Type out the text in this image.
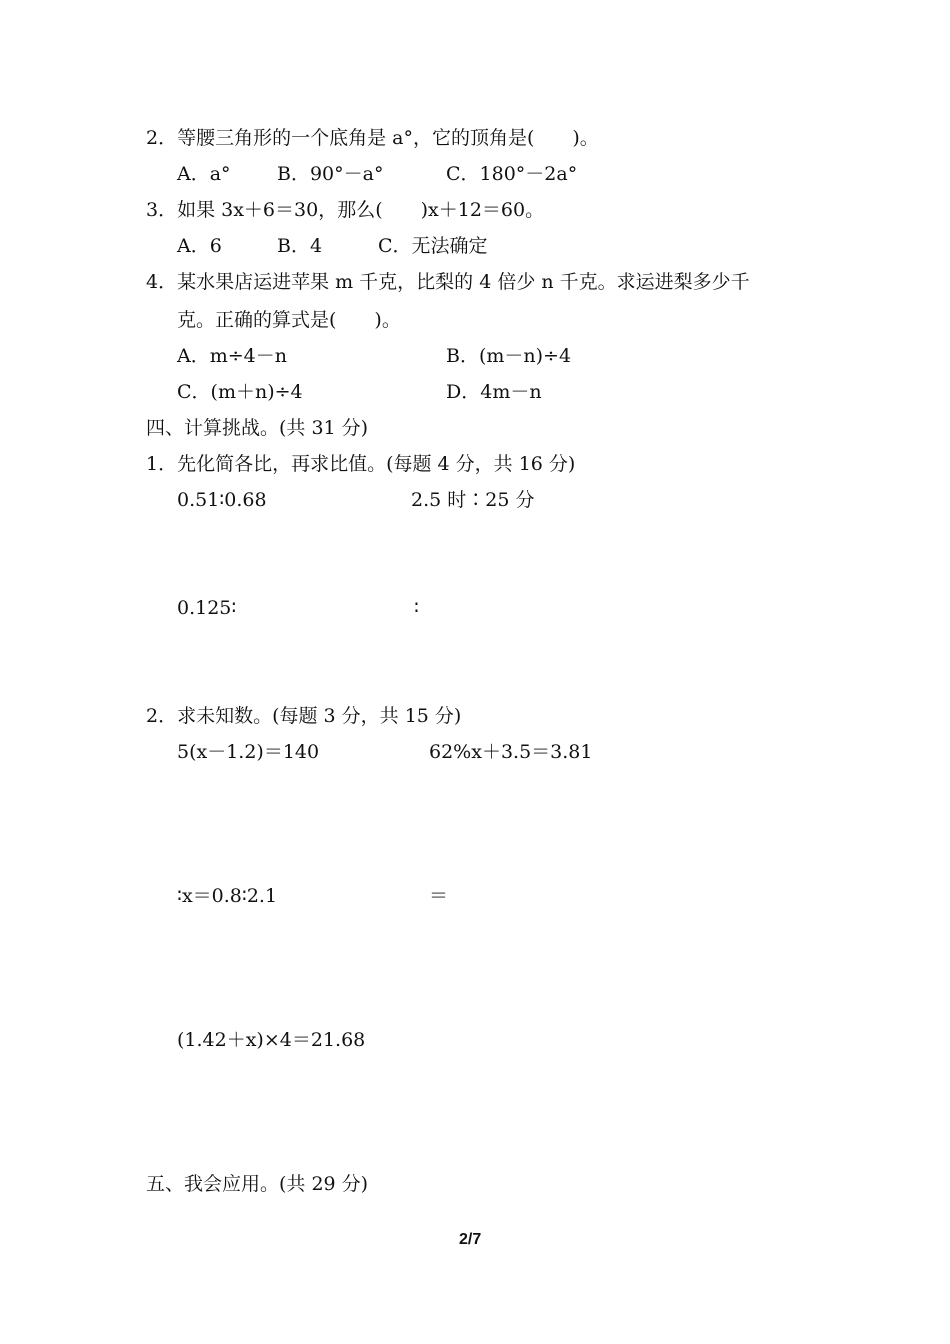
2．等腰三角形的一个底角是 a°，它的顶角是(　　)。
A．a° B．90°－a°	C．180°－2a°
3．如果 3x＋6＝30，那么(　　)x＋12＝60。
A．6	B．4	C．无法确定
4．某水果店运进苹果 m 千克，比梨的 4 倍少 n 千克。求运进梨多少千
克。正确的算式是(　　)。
A．m÷4－n	B．(m－n)÷4
C．(m＋n)÷4	D．4m－n
四、计算挑战。(共 31 分)
1．先化简各比，再求比值。(每题 4 分，共 16 分)
0.51∶0.68	2.5 时∶25 分
0.125∶	∶
2．求未知数。(每题 3 分，共 15 分)
5(x－1.2)＝140	62%x＋3.5＝3.81
∶x＝0.8∶2.1	＝
(1.42＋x)×4＝21.68
五、我会应用。(共 29 分)
2/7
